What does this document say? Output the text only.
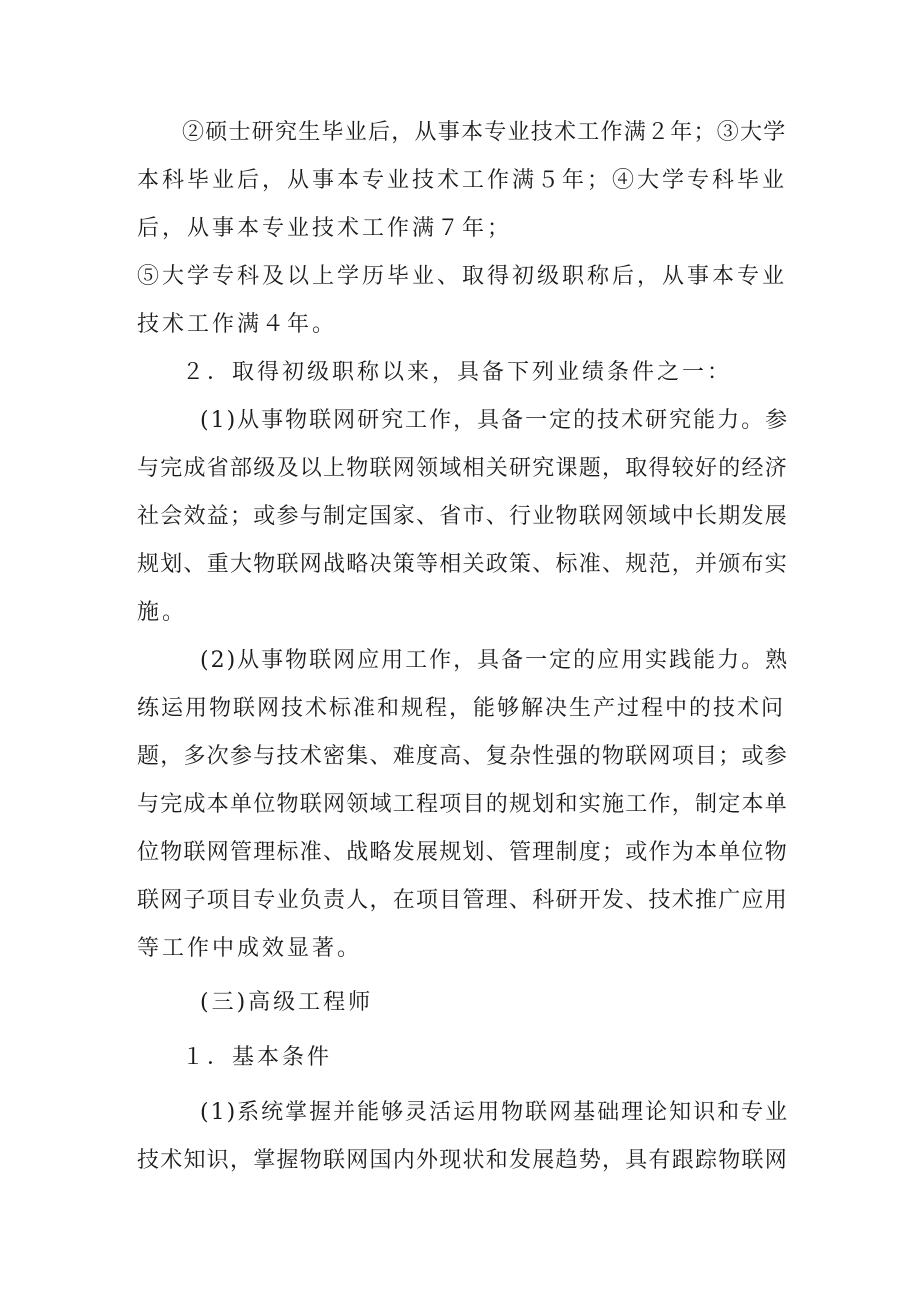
②硕士研究生毕业后，从事本专业技术工作满２年；③大学
本科毕业后，从事本专业技术工作满５年；④大学专科毕业
后，从事本专业技术工作满７年；
⑤大学专科及以上学历毕业、取得初级职称后，从事本专业
技术工作满４年。
２．取得初级职称以来，具备下列业绩条件之一：
(1)从事物联网研究工作，具备一定的技术研究能力。参
与完成省部级及以上物联网领域相关研究课题，取得较好的经济
社会效益；或参与制定国家、省市、行业物联网领域中长期发展
规划、重大物联网战略决策等相关政策、标准、规范，并颁布实
施。
(2)从事物联网应用工作，具备一定的应用实践能力。熟
练运用物联网技术标准和规程，能够解决生产过程中的技术问
题，多次参与技术密集、难度高、复杂性强的物联网项目；或参
与完成本单位物联网领域工程项目的规划和实施工作，制定本单
位物联网管理标准、战略发展规划、管理制度；或作为本单位物
联网子项目专业负责人，在项目管理、科研开发、技术推广应用
等工作中成效显著。
(三)高级工程师
１．基本条件
(1)系统掌握并能够灵活运用物联网基础理论知识和专业
技术知识，掌握物联网国内外现状和发展趋势，具有跟踪物联网
